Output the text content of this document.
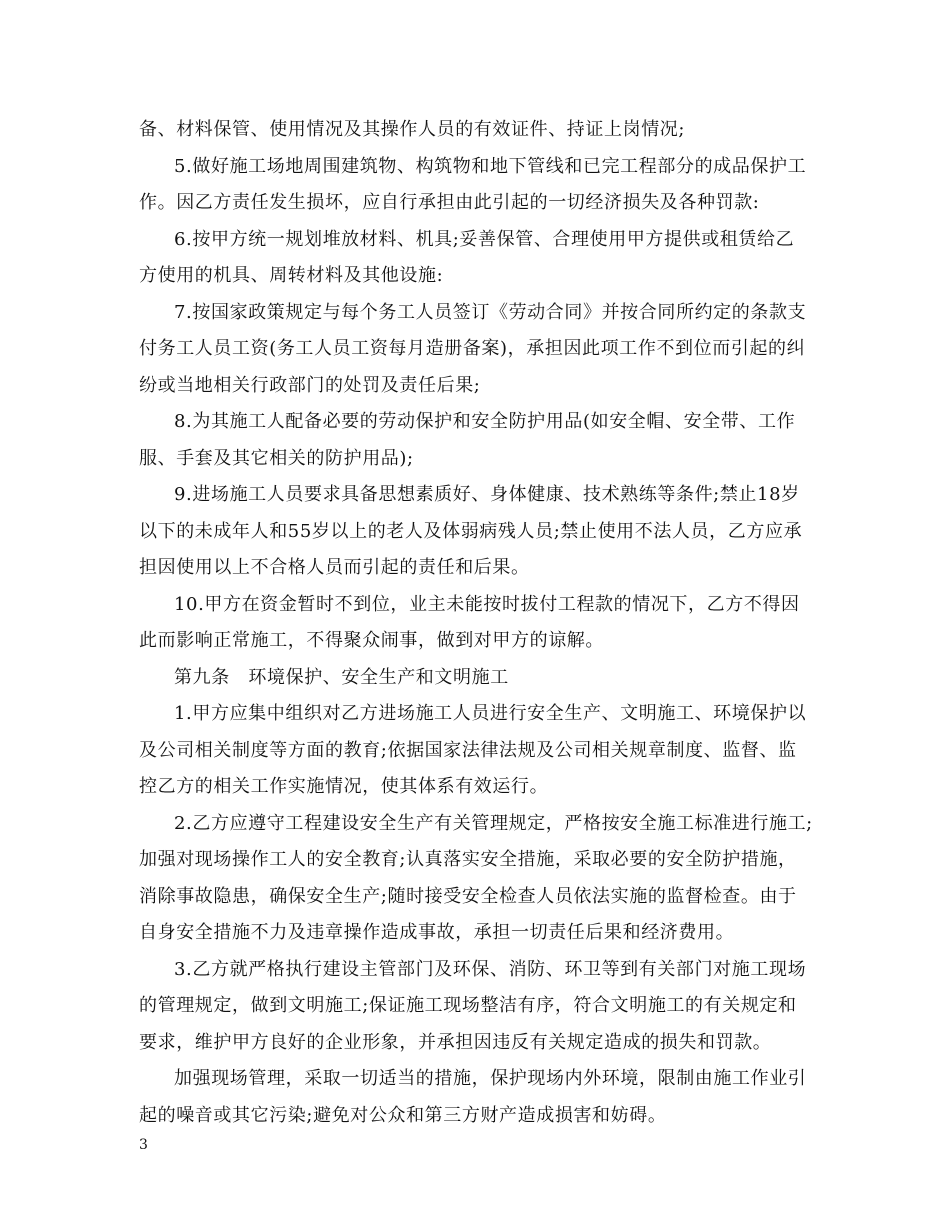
备、材料保管、使用情况及其操作人员的有效证件、持证上岗情况;
5.做好施工场地周围建筑物、构筑物和地下管线和已完工程部分的成品保护工
作。因乙方责任发生损坏，应自行承担由此引起的一切经济损失及各种罚款:
6.按甲方统一规划堆放材料、机具;妥善保管、合理使用甲方提供或租赁给乙
方使用的机具、周转材料及其他设施:
7.按国家政策规定与每个务工人员签订《劳动合同》并按合同所约定的条款支
付务工人员工资(务工人员工资每月造册备案)，承担因此项工作不到位而引起的纠
纷或当地相关行政部门的处罚及责任后果;
8.为其施工人配备必要的劳动保护和安全防护用品(如安全帽、安全带、工作
服、手套及其它相关的防护用品);
9.进场施工人员要求具备思想素质好、身体健康、技术熟练等条件;禁止18岁
以下的未成年人和55岁以上的老人及体弱病残人员;禁止使用不法人员，乙方应承
担因使用以上不合格人员而引起的责任和后果。
10.甲方在资金暂时不到位，业主未能按时拔付工程款的情况下，乙方不得因
此而影响正常施工，不得聚众闹事，做到对甲方的谅解。
第九条　环境保护、安全生产和文明施工
1.甲方应集中组织对乙方进场施工人员进行安全生产、文明施工、环境保护以
及公司相关制度等方面的教育;依据国家法律法规及公司相关规章制度、监督、监
控乙方的相关工作实施情况，使其体系有效运行。
2.乙方应遵守工程建设安全生产有关管理规定，严格按安全施工标准进行施工;
加强对现场操作工人的安全教育;认真落实安全措施，采取必要的安全防护措施，
消除事故隐患，确保安全生产;随时接受安全检查人员依法实施的监督检查。由于
自身安全措施不力及违章操作造成事故，承担一切责任后果和经济费用。
3.乙方就严格执行建设主管部门及环保、消防、环卫等到有关部门对施工现场
的管理规定，做到文明施工;保证施工现场整洁有序，符合文明施工的有关规定和
要求，维护甲方良好的企业形象，并承担因违反有关规定造成的损失和罚款。
加强现场管理，采取一切适当的措施，保护现场内外环境，限制由施工作业引
起的噪音或其它污染;避免对公众和第三方财产造成损害和妨碍。
3
